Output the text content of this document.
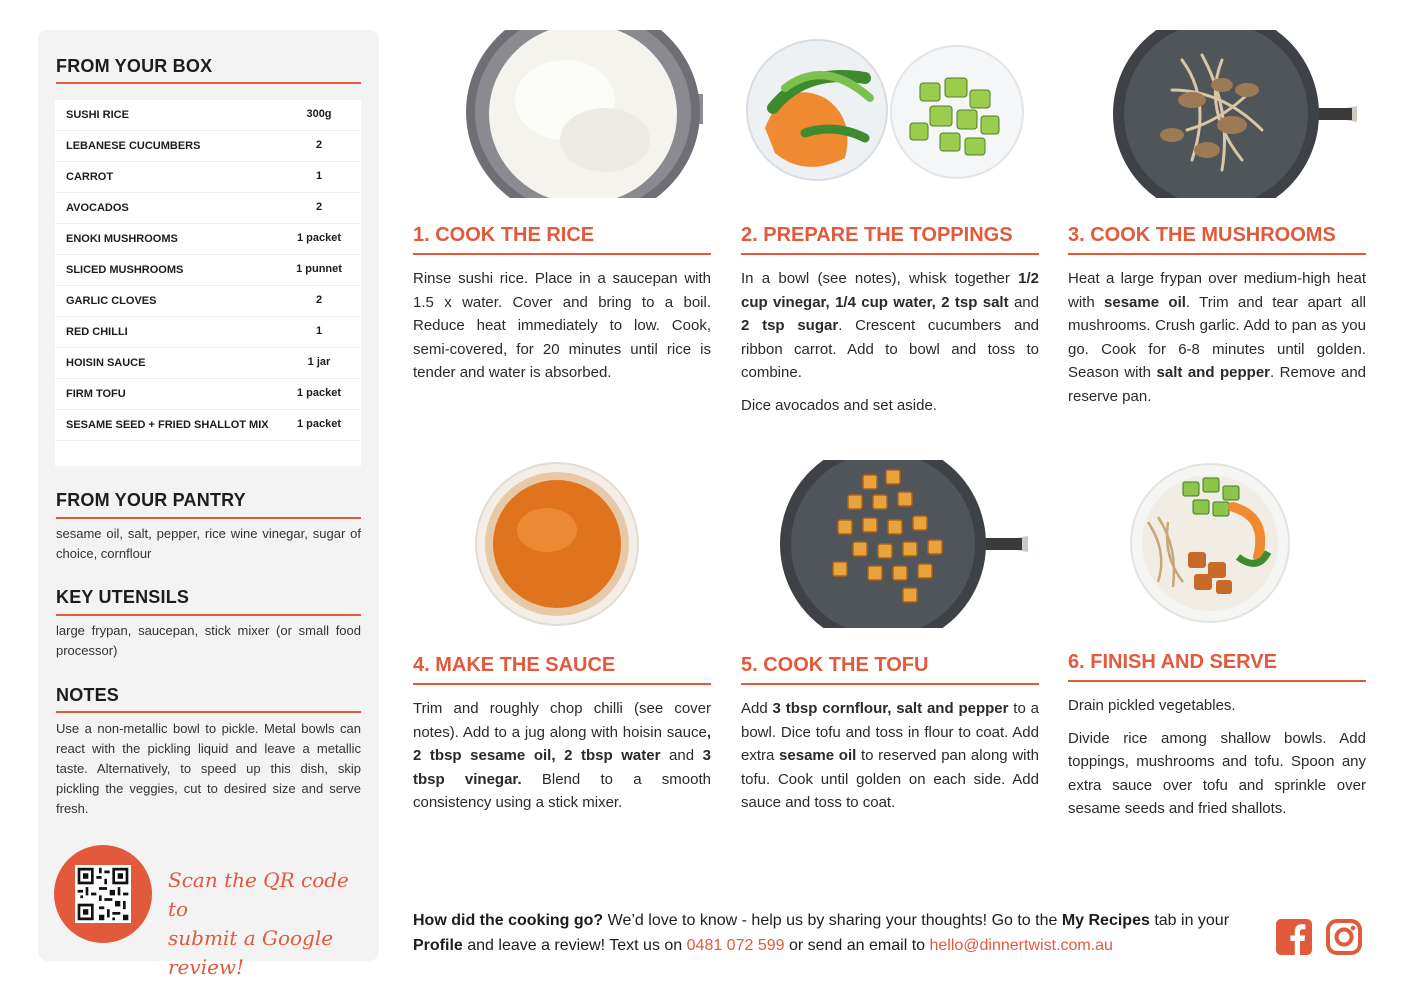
FROM YOUR BOX
SUSHI RICE	300g
LEBANESE CUCUMBERS	2
CARROT	1
AVOCADOS	2
ENOKI MUSHROOMS	1 packet
SLICED MUSHROOMS	1 punnet
GARLIC CLOVES	2
RED CHILLI	1
HOISIN SAUCE	1 jar
FIRM TOFU	1 packet
SESAME SEED + FRIED SHALLOT MIX	1 packet
FROM YOUR PANTRY
sesame oil, salt, pepper, rice wine vinegar, sugar of choice, cornflour
KEY UTENSILS
large frypan, saucepan, stick mixer (or small food processor)
NOTES
Use a non-metallic bowl to pickle. Metal bowls can react with the pickling liquid and leave a metallic taste. Alternatively, to speed up this dish, skip pickling the veggies, cut to desired size and serve fresh.
Scan the QR code to
submit a Google review!
1. COOK THE RICE

Rinse sushi rice. Place in a saucepan with 1.5 x water. Cover and bring to a boil. Reduce heat immediately to low. Cook, semi-covered, for 20 minutes until rice is tender and water is absorbed.

2. PREPARE THE TOPPINGS

In a bowl (see notes), whisk together 1/2 cup vinegar, 1/4 cup water, 2 tsp salt and 2 tsp sugar. Crescent cucumbers and ribbon carrot. Add to bowl and toss to combine.

Dice avocados and set aside.

3. COOK THE MUSHROOMS

Heat a large frypan over medium-high heat with sesame oil. Trim and tear apart all mushrooms. Crush garlic. Add to pan as you go. Cook for 6-8 minutes until golden. Season with salt and pepper. Remove and reserve pan.

4. MAKE THE SAUCE

Trim and roughly chop chilli (see cover notes). Add to a jug along with hoisin sauce, 2 tbsp sesame oil, 2 tbsp water and 3 tbsp vinegar. Blend to a smooth consistency using a stick mixer.

5. COOK THE TOFU

Add 3 tbsp cornflour, salt and pepper to a bowl. Dice tofu and toss in flour to coat. Add extra sesame oil to reserved pan along with tofu. Cook until golden on each side. Add sauce and toss to coat.

6. FINISH AND SERVE

Drain pickled vegetables.

Divide rice among shallow bowls. Add toppings, mushrooms and tofu. Spoon any extra sauce over tofu and sprinkle over sesame seeds and fried shallots.

How did the cooking go? We’d love to know - help us by sharing your thoughts! Go to the My Recipes tab in your Profile and leave a review! Text us on 0481 072 599 or send an email to hello@dinnertwist.com.au
